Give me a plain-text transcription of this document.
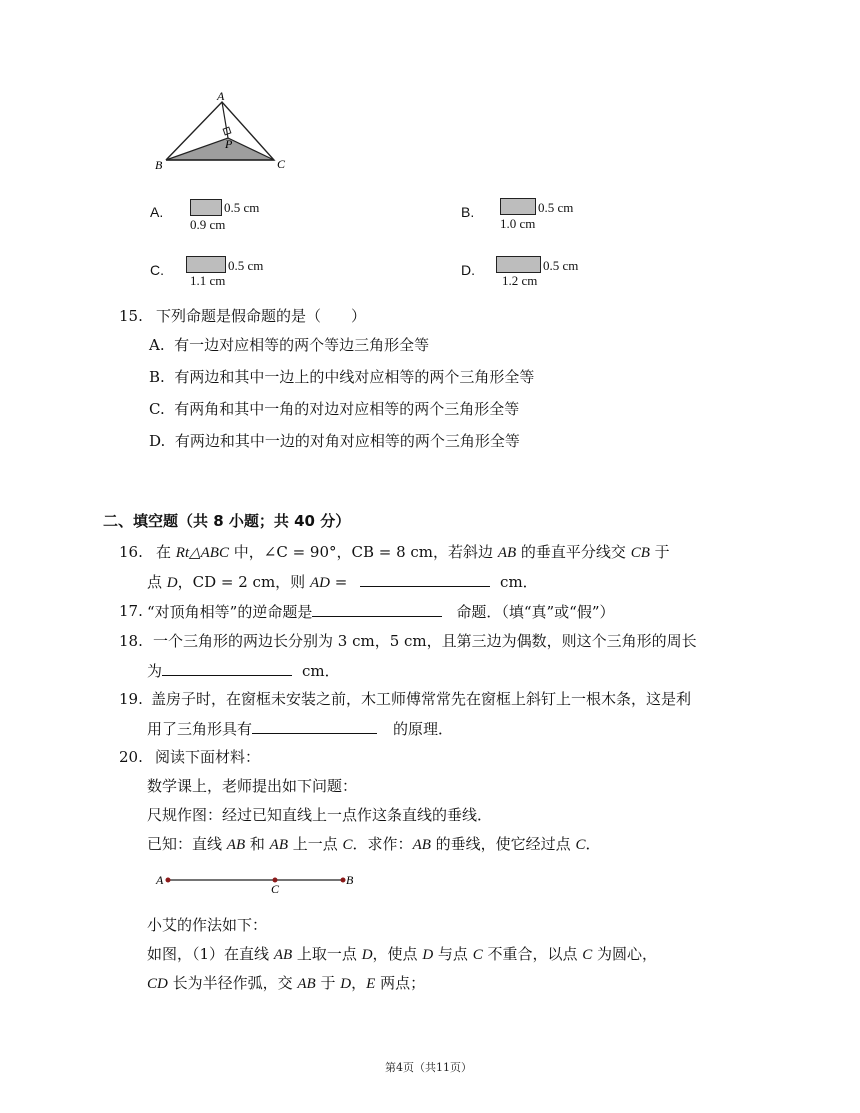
A
B	C
P
A.	0.5 cm
0.9 cm
B.	0.5 cm
1.0 cm
C.	0.5 cm
1.1 cm
D.	0.5 cm
1.2 cm
15. 下列命题是假命题的是（　　）
A. 有一边对应相等的两个等边三角形全等
B. 有两边和其中一边上的中线对应相等的两个三角形全等
C. 有两角和其中一角的对边对应相等的两个三角形全等
D. 有两边和其中一边的对角对应相等的两个三角形全等
二、填空题（共 8 小题；共 40 分）
16. 在 Rt△ABC 中，∠C = 90°，CB = 8 cm，若斜边 AB 的垂直平分线交 CB 于
点 D，CD = 2 cm，则 AD =	cm．
17. “对顶角相等”的逆命题是	命题．（填“真”或“假”）
18. 一个三角形的两边长分别为 3 cm，5 cm，且第三边为偶数，则这个三角形的周长
为	cm．
19. 盖房子时，在窗框未安装之前，木工师傅常常先在窗框上斜钉上一根木条，这是利
用了三角形具有	的原理．
20. 阅读下面材料：
数学课上，老师提出如下问题：
尺规作图：经过已知直线上一点作这条直线的垂线．
已知：直线 AB 和 AB 上一点 C．求作：AB 的垂线，使它经过点 C．
A
C
B
小艾的作法如下：
如图，（1）在直线 AB 上取一点 D，使点 D 与点 C 不重合，以点 C 为圆心，
CD 长为半径作弧，交 AB 于 D，E 两点；
第4页（共11页）
